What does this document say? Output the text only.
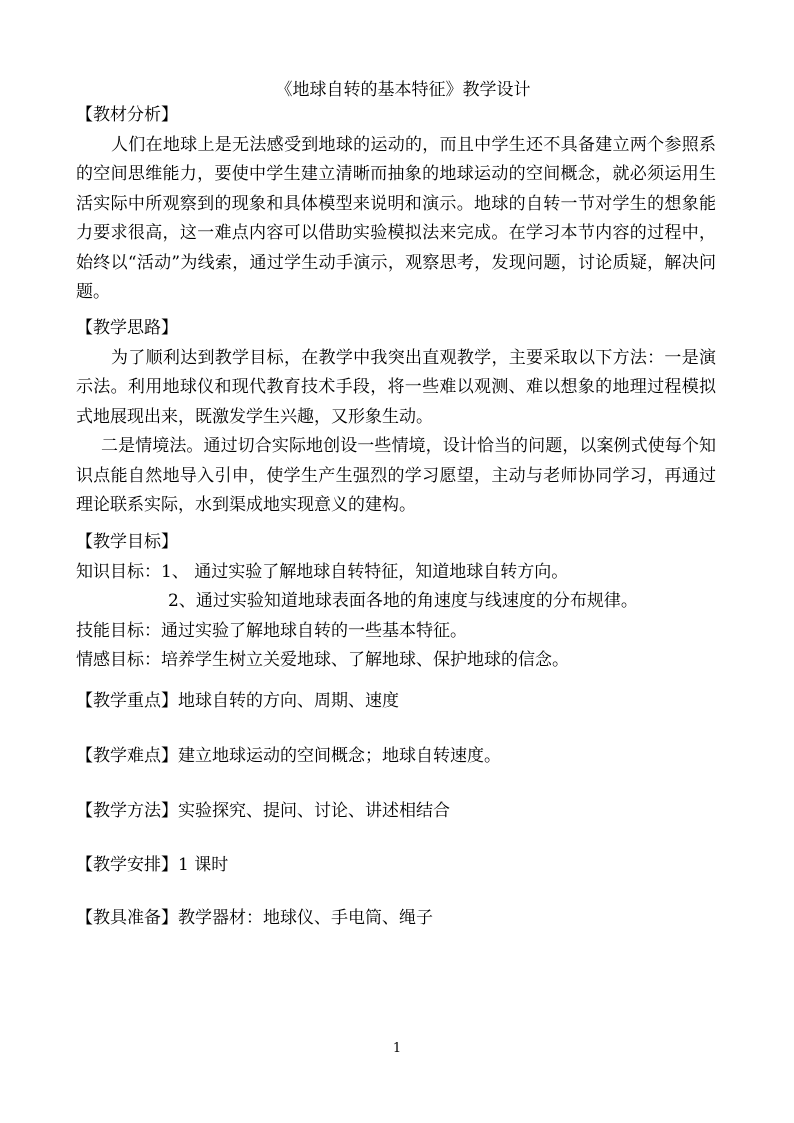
《地球自转的基本特征》教学设计
【教材分析】
人们在地球上是无法感受到地球的运动的，而且中学生还不具备建立两个参照系的空间思维能力，要使中学生建立清晰而抽象的地球运动的空间概念，就必须运用生活实际中所观察到的现象和具体模型来说明和演示。地球的自转一节对学生的想象能力要求很高，这一难点内容可以借助实验模拟法来完成。在学习本节内容的过程中，始终以“活动”为线索，通过学生动手演示，观察思考，发现问题，讨论质疑，解决问题。
【教学思路】
为了顺利达到教学目标，在教学中我突出直观教学，主要采取以下方法：一是演示法。利用地球仪和现代教育技术手段，将一些难以观测、难以想象的地理过程模拟式地展现出来，既激发学生兴趣，又形象生动。
二是情境法。通过切合实际地创设一些情境，设计恰当的问题，以案例式使每个知识点能自然地导入引申，使学生产生强烈的学习愿望，主动与老师协同学习，再通过理论联系实际，水到渠成地实现意义的建构。
【教学目标】
知识目标：1、 通过实验了解地球自转特征，知道地球自转方向。
2、通过实验知道地球表面各地的角速度与线速度的分布规律。
技能目标：通过实验了解地球自转的一些基本特征。
情感目标：培养学生树立关爱地球、了解地球、保护地球的信念。
【教学重点】地球自转的方向、周期、速度
【教学难点】建立地球运动的空间概念；地球自转速度。
【教学方法】实验探究、提问、讨论、讲述相结合
【教学安排】1 课时
【教具准备】教学器材：地球仪、手电筒、绳子
1
